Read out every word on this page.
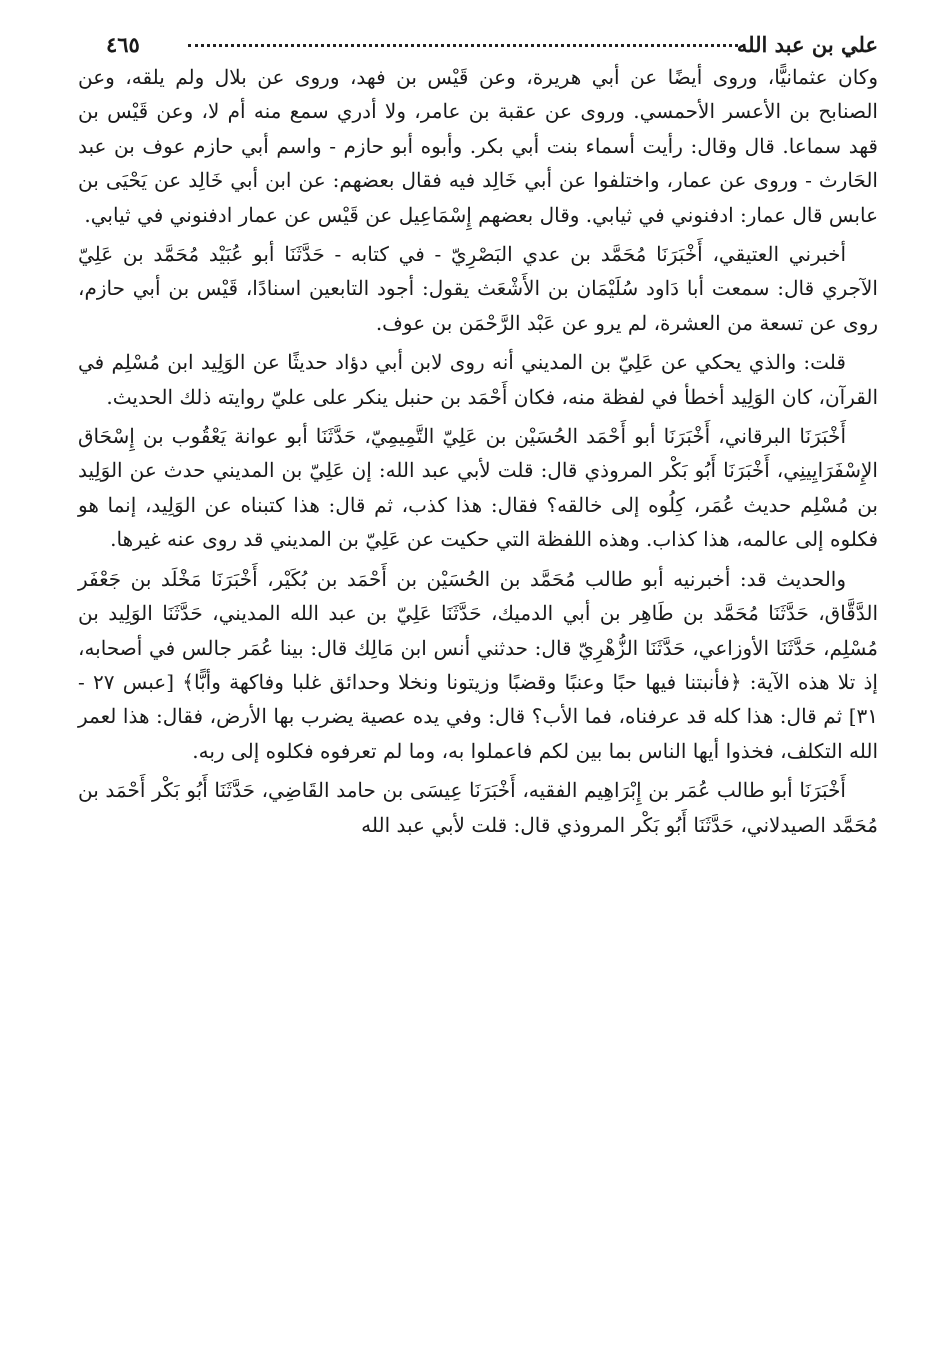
علي بن عبد الله
٤٦٥

وكان عثمانيًّا، وروى أيضًا عن أبي هريرة، وعن قَيْس بن فهد، وروى عن بلال ولم يلقه، وعن الصنابح بن الأعسر الأحمسي. وروى عن عقبة بن عامر، ولا أدري سمع منه أم لا، وعن قَيْس بن قهد سماعا. قال وقال: رأيت أسماء بنت أبي بكر. وأبوه أبو حازم - واسم أبي حازم عوف بن عبد الحَارث - وروى عن عمار، واختلفوا عن أبي خَالِد فيه فقال بعضهم: عن ابن أبي خَالِد عن يَحْيَى بن عابس قال عمار: ادفنوني في ثيابي. وقال بعضهم إِسْمَاعِيل عن قَيْس عن عمار ادفنوني في ثيابي.

أخبرني العتيقي، أَخْبَرَنَا مُحَمَّد بن عدي البَصْرِيّ - في كتابه - حَدَّثَنَا أبو عُبَيْد مُحَمَّد بن عَلِيّ الآجري قال: سمعت أبا دَاود سُلَيْمَان بن الأَشْعَث يقول: أجود التابعين اسنادًا، قَيْس بن أبي حازم، روى عن تسعة من العشرة، لم يرو عن عَبْد الرَّحْمَن بن عوف.

قلت: والذي يحكي عن عَلِيّ بن المديني أنه روى لابن أبي دؤاد حديثًا عن الوَلِيد ابن مُسْلِم في القرآن، كان الوَلِيد أخطأ في لفظة منه، فكان أَحْمَد بن حنبل ينكر على عليّ روايته ذلك الحديث.

أَخْبَرَنَا البرقاني، أَخْبَرَنَا أبو أَحْمَد الحُسَيْن بن عَلِيّ التَّمِيمِيّ، حَدَّثَنَا أبو عوانة يَعْقُوب بن إِسْحَاق الإِسْفَرَايِينِي، أَخْبَرَنَا أَبُو بَكْر المروذي قال: قلت لأبي عبد الله: إن عَلِيّ بن المديني حدث عن الوَلِيد بن مُسْلِم حديث عُمَر، كِلُوه إلى خالقه؟ فقال: هذا كذب، ثم قال: هذا كتبناه عن الوَلِيد، إنما هو فكلوه إلى عالمه، هذا كذاب. وهذه اللفظة التي حكيت عن عَلِيّ بن المديني قد روى عنه غيرها.

والحديث قد: أخبرنيه أبو طالب مُحَمَّد بن الحُسَيْن بن أَحْمَد بن بُكَيْر، أَخْبَرَنَا مَخْلَد بن جَعْفَر الدَّقَّاق، حَدَّثَنَا مُحَمَّد بن طَاهِر بن أبي الدميك، حَدَّثَنَا عَلِيّ بن عبد الله المديني، حَدَّثَنَا الوَلِيد بن مُسْلِم، حَدَّثَنَا الأوزاعي، حَدَّثَنَا الزُّهْرِيّ قال: حدثني أنس ابن مَالِك قال: بينا عُمَر جالس في أصحابه، إذ تلا هذه الآية: ﴿فأنبتنا فيها حبًا وعنبًا وقضبًا وزيتونا ونخلا وحدائق غلبا وفاكهة وأبًّا﴾ [عبس ٢٧ - ٣١] ثم قال: هذا كله قد عرفناه، فما الأب؟ قال: وفي يده عصية يضرب بها الأرض، فقال: هذا لعمر الله التكلف، فخذوا أيها الناس بما بين لكم فاعملوا به، وما لم تعرفوه فكلوه إلى ربه.

أَخْبَرَنَا أبو طالب عُمَر بن إِبْرَاهِيم الفقيه، أَخْبَرَنَا عِيسَى بن حامد القَاضِي، حَدَّثَنَا أَبُو بَكْر أَحْمَد بن مُحَمَّد الصيدلاني، حَدَّثَنَا أَبُو بَكْر المروذي قال: قلت لأبي عبد الله
